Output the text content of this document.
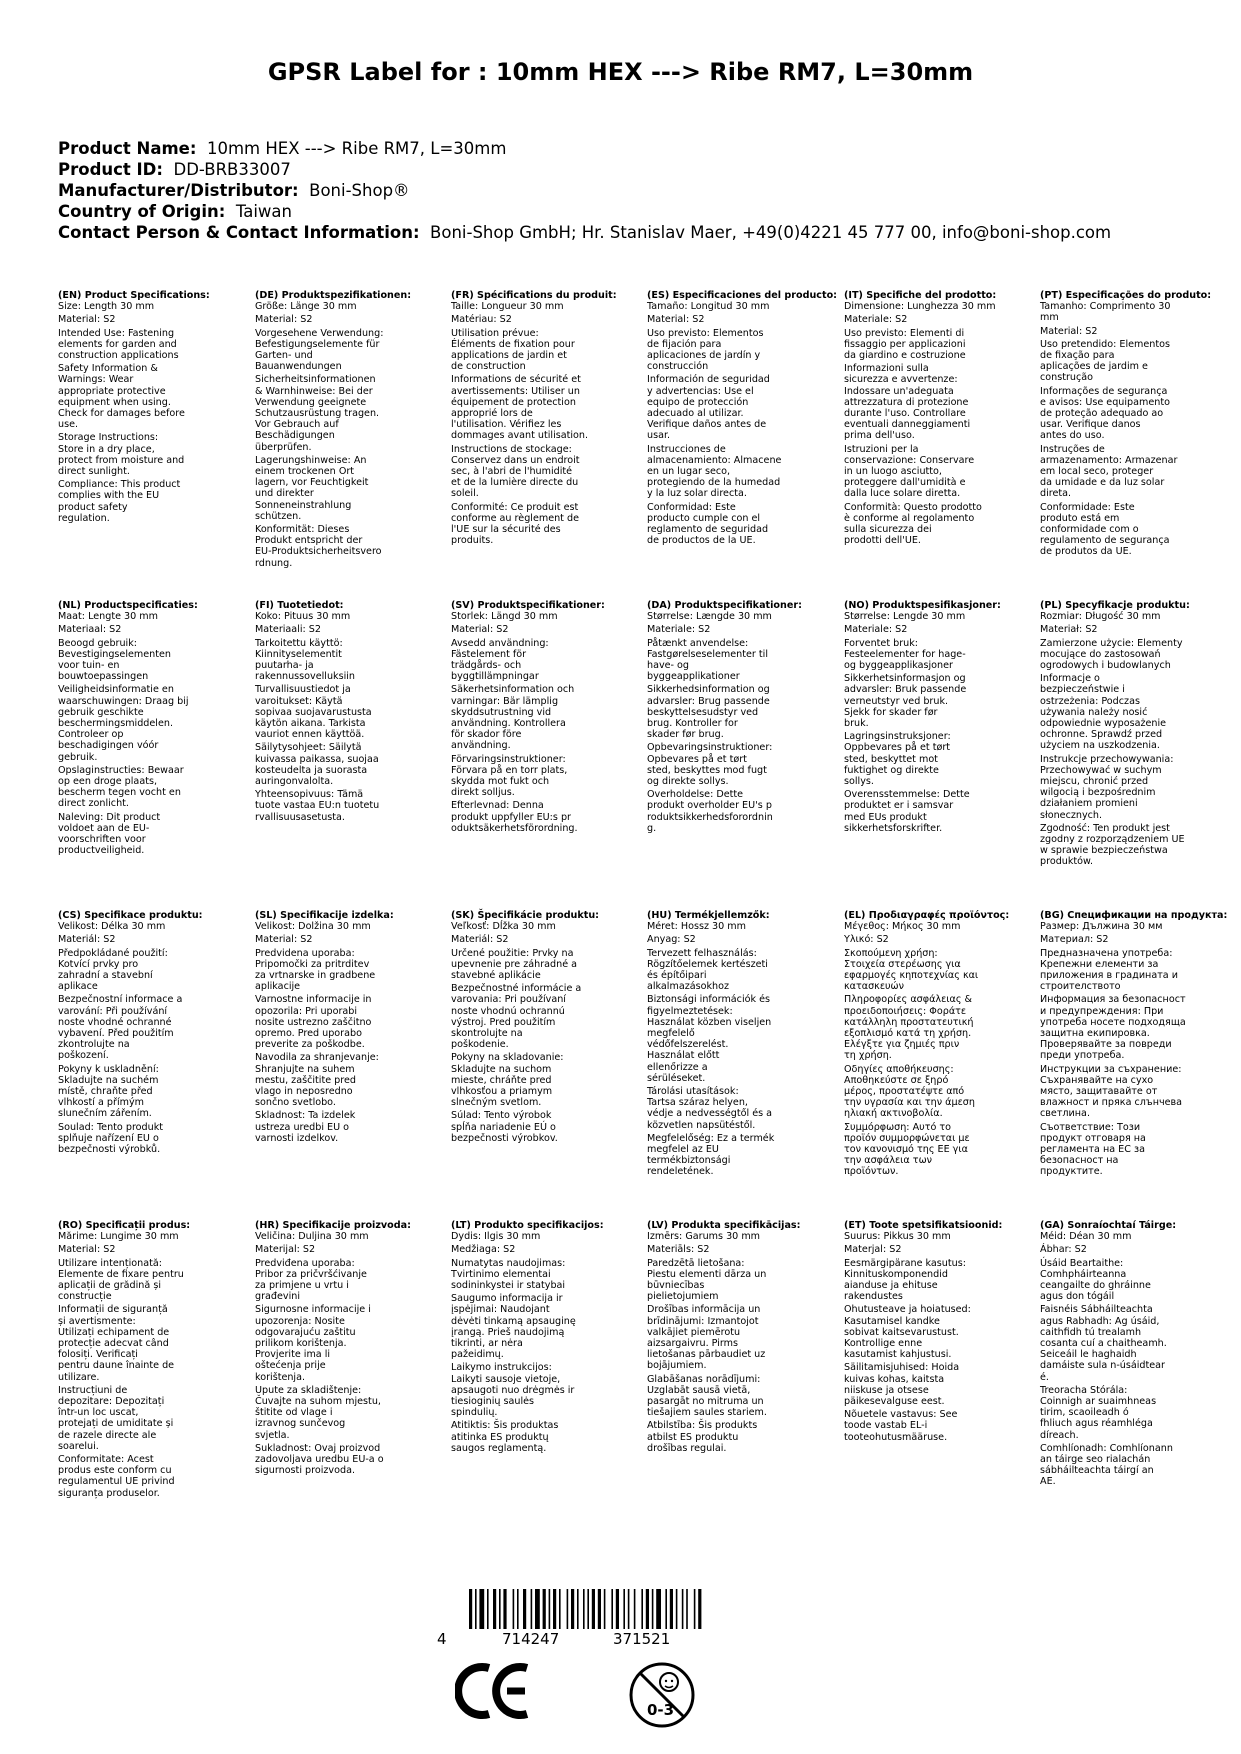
GPSR Label for : 10mm HEX ---> Ribe RM7, L=30mm
Product Name: 10mm HEX ---> Ribe RM7, L=30mm
Product ID: DD-BRB33007
Manufacturer/Distributor: Boni-Shop®
Country of Origin: Taiwan
Contact Person & Contact Information: Boni-Shop GmbH; Hr. Stanislav Maer, +49(0)4221 45 777 00, info@boni-shop.com
(EN) Product Specifications:
Size: Length 30 mm
Material: S2
Intended Use: Fastening
elements for garden and
construction applications
Safety Information &
Warnings: Wear
appropriate protective
equipment when using.
Check for damages before
use.
Storage Instructions:
Store in a dry place,
protect from moisture and
direct sunlight.
Compliance: This product
complies with the EU
product safety
regulation.
(DE) Produktspezifikationen:
Größe: Länge 30 mm
Material: S2
Vorgesehene Verwendung:
Befestigungselemente für
Garten- und
Bauanwendungen
Sicherheitsinformationen
& Warnhinweise: Bei der
Verwendung geeignete
Schutzausrüstung tragen.
Vor Gebrauch auf
Beschädigungen
überprüfen.
Lagerungshinweise: An
einem trockenen Ort
lagern, vor Feuchtigkeit
und direkter
Sonneneinstrahlung
schützen.
Konformität: Dieses
Produkt entspricht der
EU-Produktsicherheitsvero
rdnung.
(FR) Spécifications du produit:
Taille: Longueur 30 mm
Matériau: S2
Utilisation prévue:
Éléments de fixation pour
applications de jardin et
de construction
Informations de sécurité et
avertissements: Utiliser un
équipement de protection
approprié lors de
l'utilisation. Vérifiez les
dommages avant utilisation.
Instructions de stockage:
Conservez dans un endroit
sec, à l'abri de l'humidité
et de la lumière directe du
soleil.
Conformité: Ce produit est
conforme au règlement de
l'UE sur la sécurité des
produits.
(ES) Especificaciones del producto:
Tamaño: Longitud 30 mm
Material: S2
Uso previsto: Elementos
de fijación para
aplicaciones de jardín y
construcción
Información de seguridad
y advertencias: Use el
equipo de protección
adecuado al utilizar.
Verifique daños antes de
usar.
Instrucciones de
almacenamiento: Almacene
en un lugar seco,
protegiendo de la humedad
y la luz solar directa.
Conformidad: Este
producto cumple con el
reglamento de seguridad
de productos de la UE.
(IT) Specifiche del prodotto:
Dimensione: Lunghezza 30 mm
Materiale: S2
Uso previsto: Elementi di
fissaggio per applicazioni
da giardino e costruzione
Informazioni sulla
sicurezza e avvertenze:
Indossare un'adeguata
attrezzatura di protezione
durante l'uso. Controllare
eventuali danneggiamenti
prima dell'uso.
Istruzioni per la
conservazione: Conservare
in un luogo asciutto,
proteggere dall'umidità e
dalla luce solare diretta.
Conformità: Questo prodotto
è conforme al regolamento
sulla sicurezza dei
prodotti dell'UE.
(PT) Especificações do produto:
Tamanho: Comprimento 30
mm
Material: S2
Uso pretendido: Elementos
de fixação para
aplicações de jardim e
construção
Informações de segurança
e avisos: Use equipamento
de proteção adequado ao
usar. Verifique danos
antes do uso.
Instruções de
armazenamento: Armazenar
em local seco, proteger
da umidade e da luz solar
direta.
Conformidade: Este
produto está em
conformidade com o
regulamento de segurança
de produtos da UE.
(NL) Productspecificaties:
Maat: Lengte 30 mm
Materiaal: S2
Beoogd gebruik:
Bevestigingselementen
voor tuin- en
bouwtoepassingen
Veiligheidsinformatie en
waarschuwingen: Draag bij
gebruik geschikte
beschermingsmiddelen.
Controleer op
beschadigingen vóór
gebruik.
Opslaginstructies: Bewaar
op een droge plaats,
bescherm tegen vocht en
direct zonlicht.
Naleving: Dit product
voldoet aan de EU-
voorschriften voor
productveiligheid.
(FI) Tuotetiedot:
Koko: Pituus 30 mm
Materiaali: S2
Tarkoitettu käyttö:
Kiinnityselementit
puutarha- ja
rakennussovelluksiin
Turvallisuustiedot ja
varoitukset: Käytä
sopivaa suojavarustusta
käytön aikana. Tarkista
vauriot ennen käyttöä.
Säilytysohjeet: Säilytä
kuivassa paikassa, suojaa
kosteudelta ja suorasta
auringonvalolta.
Yhteensopivuus: Tämä
tuote vastaa EU:n tuotetu
rvallisuusasetusta.
(SV) Produktspecifikationer:
Storlek: Längd 30 mm
Material: S2
Avsedd användning:
Fästelement för
trädgårds- och
byggtillämpningar
Säkerhetsinformation och
varningar: Bär lämplig
skyddsutrustning vid
användning. Kontrollera
för skador före
användning.
Förvaringsinstruktioner:
Förvara på en torr plats,
skydda mot fukt och
direkt solljus.
Efterlevnad: Denna
produkt uppfyller EU:s pr
oduktsäkerhetsförordning.
(DA) Produktspecifikationer:
Størrelse: Længde 30 mm
Materiale: S2
Påtænkt anvendelse:
Fastgørelseselementer til
have- og
byggeapplikationer
Sikkerhedsinformation og
advarsler: Brug passende
beskyttelsesudstyr ved
brug. Kontroller for
skader før brug.
Opbevaringsinstruktioner:
Opbevares på et tørt
sted, beskyttes mod fugt
og direkte sollys.
Overholdelse: Dette
produkt overholder EU's p
roduktsikkerhedsforordnin
g.
(NO) Produktspesifikasjoner:
Størrelse: Lengde 30 mm
Materiale: S2
Forventet bruk:
Festeelementer for hage-
og byggeapplikasjoner
Sikkerhetsinformasjon og
advarsler: Bruk passende
verneutstyr ved bruk.
Sjekk for skader før
bruk.
Lagringsinstruksjoner:
Oppbevares på et tørt
sted, beskyttet mot
fuktighet og direkte
sollys.
Overensstemmelse: Dette
produktet er i samsvar
med EUs produkt
sikkerhetsforskrifter.
(PL) Specyfikacje produktu:
Rozmiar: Długość 30 mm
Materiał: S2
Zamierzone użycie: Elementy
mocujące do zastosowań
ogrodowych i budowlanych
Informacje o
bezpieczeństwie i
ostrzeżenia: Podczas
używania należy nosić
odpowiednie wyposażenie
ochronne. Sprawdź przed
użyciem na uszkodzenia.
Instrukcje przechowywania:
Przechowywać w suchym
miejscu, chronić przed
wilgocią i bezpośrednim
działaniem promieni
słonecznych.
Zgodność: Ten produkt jest
zgodny z rozporządzeniem UE
w sprawie bezpieczeństwa
produktów.
(CS) Specifikace produktu:
Velikost: Délka 30 mm
Materiál: S2
Předpokládané použití:
Kotvící prvky pro
zahradní a stavební
aplikace
Bezpečnostní informace a
varování: Při používání
noste vhodné ochranné
vybavení. Před použitím
zkontrolujte na
poškození.
Pokyny k uskladnění:
Skladujte na suchém
místě, chraňte před
vlhkostí a přímým
slunečním zářením.
Soulad: Tento produkt
splňuje nařízení EU o
bezpečnosti výrobků.
(SL) Specifikacije izdelka:
Velikost: Dolžina 30 mm
Material: S2
Predvidena uporaba:
Pripomočki za pritrditev
za vrtnarske in gradbene
aplikacije
Varnostne informacije in
opozorila: Pri uporabi
nosite ustrezno zaščitno
opremo. Pred uporabo
preverite za poškodbe.
Navodila za shranjevanje:
Shranjujte na suhem
mestu, zaščitite pred
vlago in neposredno
sončno svetlobo.
Skladnost: Ta izdelek
ustreza uredbi EU o
varnosti izdelkov.
(SK) Špecifikácie produktu:
Veľkosť: Dĺžka 30 mm
Materiál: S2
Určené použitie: Prvky na
upevnenie pre záhradné a
stavebné aplikácie
Bezpečnostné informácie a
varovania: Pri používaní
noste vhodnú ochrannú
výstroj. Pred použitím
skontrolujte na
poškodenie.
Pokyny na skladovanie:
Skladujte na suchom
mieste, chráňte pred
vlhkosťou a priamym
slnečným svetlom.
Súlad: Tento výrobok
spĺňa nariadenie EÚ o
bezpečnosti výrobkov.
(HU) Termékjellemzők:
Méret: Hossz 30 mm
Anyag: S2
Tervezett felhasználás:
Rögzítőelemek kertészeti
és építőipari
alkalmazásokhoz
Biztonsági információk és
figyelmeztetések:
Használat közben viseljen
megfelelő
védőfelszerelést.
Használat előtt
ellenőrizze a
sérüléseket.
Tárolási utasítások:
Tartsa száraz helyen,
védje a nedvességtől és a
közvetlen napsütéstől.
Megfelelőség: Ez a termék
megfelel az EU
termékbiztonsági
rendeletének.
(EL) Προδιαγραφές προϊόντος:
Μέγεθος: Μήκος 30 mm
Υλικό: S2
Σκοπούμενη χρήση:
Στοιχεία στερέωσης για
εφαρμογές κηποτεχνίας και
κατασκευών
Πληροφορίες ασφάλειας &
προειδοποιήσεις: Φοράτε
κατάλληλη προστατευτική
εξοπλισμό κατά τη χρήση.
Ελέγξτε για ζημιές πριν
τη χρήση.
Οδηγίες αποθήκευσης:
Αποθηκεύστε σε ξηρό
μέρος, προστατέψτε από
την υγρασία και την άμεση
ηλιακή ακτινοβολία.
Συμμόρφωση: Αυτό το
προϊόν συμμορφώνεται με
τον κανονισμό της ΕΕ για
την ασφάλεια των
προϊόντων.
(BG) Спецификации на продукта:
Размер: Дължина 30 мм
Материал: S2
Предназначена употреба:
Крепежни елементи за
приложения в градината и
строителството
Информация за безопасност
и предупреждения: При
употреба носете подходяща
защитна екипировка.
Проверявайте за повреди
преди употреба.
Инструкции за съхранение:
Съхранявайте на сухо
място, защитавайте от
влажност и пряка слънчева
светлина.
Съответствие: Този
продукт отговаря на
регламента на ЕС за
безопасност на
продуктите.
(RO) Specificații produs:
Mărime: Lungime 30 mm
Material: S2
Utilizare intenționată:
Elemente de fixare pentru
aplicații de grădină și
construcție
Informații de siguranță
și avertismente:
Utilizați echipament de
protecție adecvat când
folosiți. Verificați
pentru daune înainte de
utilizare.
Instrucțiuni de
depozitare: Depozitați
într-un loc uscat,
protejați de umiditate și
de razele directe ale
soarelui.
Conformitate: Acest
produs este conform cu
regulamentul UE privind
siguranța produselor.
(HR) Specifikacije proizvoda:
Veličina: Duljina 30 mm
Materijal: S2
Predviđena uporaba:
Pribor za pričvršćivanje
za primjene u vrtu i
građevini
Sigurnosne informacije i
upozorenja: Nosite
odgovarajuću zaštitu
prilikom korištenja.
Provjerite ima li
oštećenja prije
korištenja.
Upute za skladištenje:
Čuvajte na suhom mjestu,
štitite od vlage i
izravnog sunčevog
svjetla.
Sukladnost: Ovaj proizvod
zadovoljava uredbu EU-a o
sigurnosti proizvoda.
(LT) Produkto specifikacijos:
Dydis: Ilgis 30 mm
Medžiaga: S2
Numatytas naudojimas:
Tvirtinimo elementai
sodininkystei ir statybai
Saugumo informacija ir
įspėjimai: Naudojant
dėvėti tinkamą apsauginę
įrangą. Prieš naudojimą
tikrinti, ar nėra
pažeidimų.
Laikymo instrukcijos:
Laikyti sausoje vietoje,
apsaugoti nuo drėgmės ir
tiesioginių saulės
spindulių.
Atitiktis: Šis produktas
atitinka ES produktų
saugos reglamentą.
(LV) Produkta specifikācijas:
Izmērs: Garums 30 mm
Materiāls: S2
Paredzētā lietošana:
Piestu elementi dārza un
būvniecības
pielietojumiem
Drošības informācija un
brīdinājumi: Izmantojot
valkājiet piemērotu
aizsargaivru. Pirms
lietošanas pārbaudiet uz
bojājumiem.
Glabāšanas norādījumi:
Uzglabāt sausā vietā,
pasargāt no mitruma un
tiešajiem saules stariem.
Atbilstība: Šis produkts
atbilst ES produktu
drošības regulai.
(ET) Toote spetsifikatsioonid:
Suurus: Pikkus 30 mm
Materjal: S2
Eesmärgipärane kasutus:
Kinnituskomponendid
aianduse ja ehituse
rakendustes
Ohutusteave ja hoiatused:
Kasutamisel kandke
sobivat kaitsevarustust.
Kontrollige enne
kasutamist kahjustusi.
Säilitamisjuhised: Hoida
kuivas kohas, kaitsta
niiskuse ja otsese
päikesevalguse eest.
Nõuetele vastavus: See
toode vastab EL-i
tooteohutusmääruse.
(GA) Sonraíochtaí Táirge:
Méid: Déan 30 mm
Ábhar: S2
Úsáid Beartaithe:
Comhpháirteanna
ceangailte do ghráinne
agus don tógáil
Faisnéis Sábháilteachta
agus Rabhadh: Ag úsáid,
caithfidh tú trealamh
cosanta cuí a chaitheamh.
Seiceáil le haghaidh
damáiste sula n-úsáidtear
é.
Treoracha Stórála:
Coinnigh ar suaimhneas
tirim, scaoileadh ó
fhliuch agus réamhléga
díreach.
Comhlíonadh: Comhlíonann
an táirge seo rialachán
sábháilteachta táirgí an
AE.
4	714247	371521
0-3
